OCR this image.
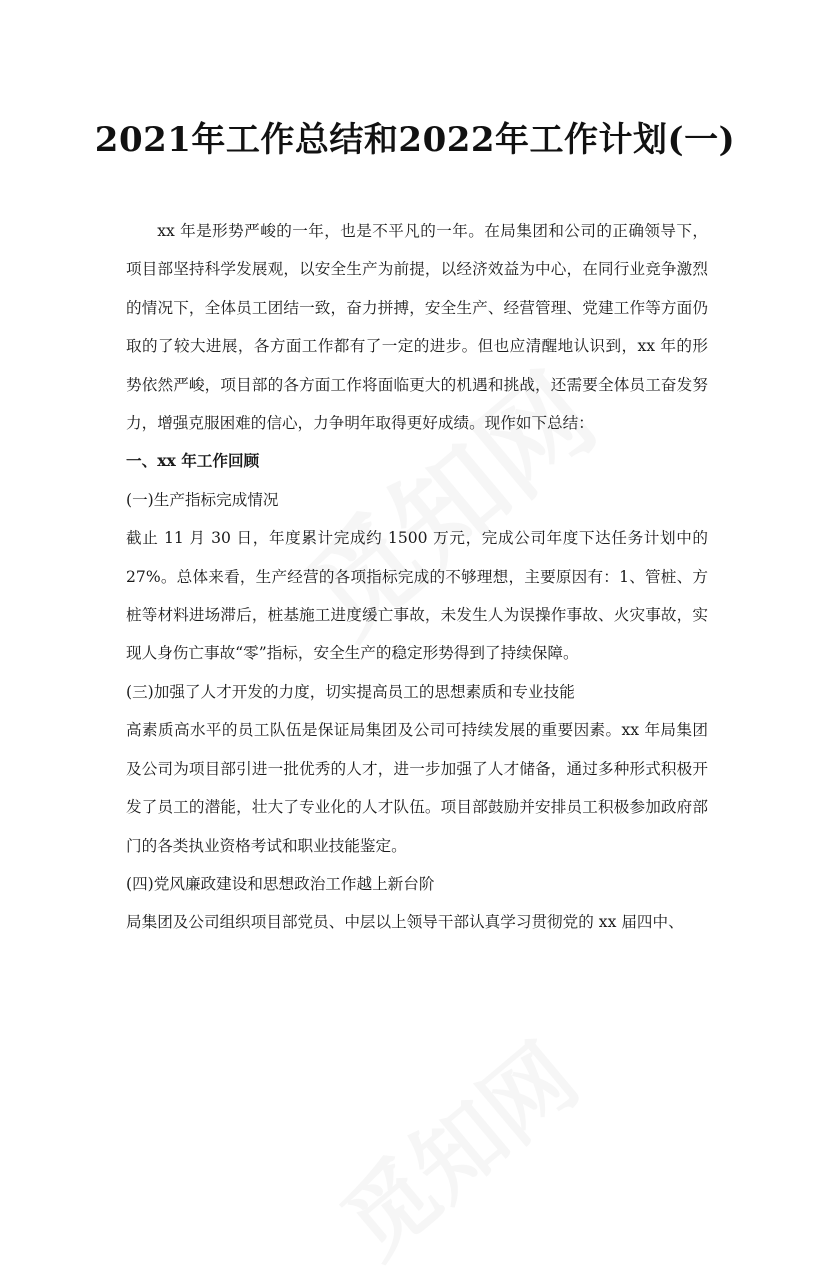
2021年工作总结和2022年工作计划(一)

xx 年是形势严峻的一年，也是不平凡的一年。在局集团和公司的正确领导下，项目部坚持科学发展观，以安全生产为前提，以经济效益为中心，在同行业竞争激烈的情况下，全体员工团结一致，奋力拼搏，安全生产、经营管理、党建工作等方面仍取的了较大进展，各方面工作都有了一定的进步。但也应清醒地认识到，xx 年的形势依然严峻，项目部的各方面工作将面临更大的机遇和挑战，还需要全体员工奋发努力，增强克服困难的信心，力争明年取得更好成绩。现作如下总结：

一、xx 年工作回顾

(一)生产指标完成情况

截止 11 月 30 日，年度累计完成约 1500 万元，完成公司年度下达任务计划中的 27%。总体来看，生产经营的各项指标完成的不够理想，主要原因有：1、管桩、方桩等材料进场滞后，桩基施工进度缓亡事故，未发生人为误操作事故、火灾事故，实现人身伤亡事故“零”指标，安全生产的稳定形势得到了持续保障。

(三)加强了人才开发的力度，切实提高员工的思想素质和专业技能

高素质高水平的员工队伍是保证局集团及公司可持续发展的重要因素。xx 年局集团及公司为项目部引进一批优秀的人才，进一步加强了人才储备，通过多种形式积极开发了员工的潜能，壮大了专业化的人才队伍。项目部鼓励并安排员工积极参加政府部门的各类执业资格考试和职业技能鉴定。

(四)党风廉政建设和思想政治工作越上新台阶

局集团及公司组织项目部党员、中层以上领导干部认真学习贯彻党的 xx 届四中、
